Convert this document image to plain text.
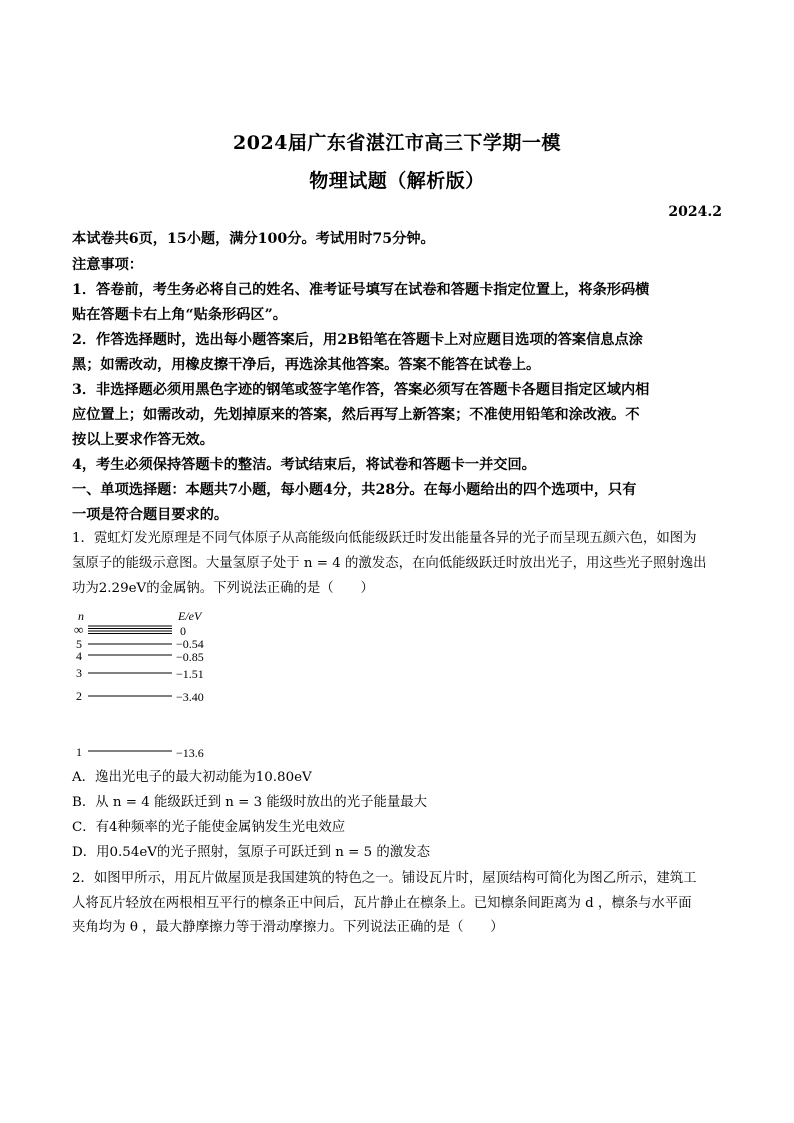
2024届广东省湛江市高三下学期一模
物理试题（解析版）
2024.2
本试卷共6页，15小题，满分100分。考试用时75分钟。
注意事项：
1．答卷前，考生务必将自己的姓名、准考证号填写在试卷和答题卡指定位置上，将条形码横
贴在答题卡右上角“贴条形码区”。
2．作答选择题时，选出每小题答案后，用2B铅笔在答题卡上对应题目选项的答案信息点涂
黑；如需改动，用橡皮擦干净后，再选涂其他答案。答案不能答在试卷上。
3．非选择题必须用黑色字迹的钢笔或签字笔作答，答案必须写在答题卡各题目指定区域内相
应位置上；如需改动，先划掉原来的答案，然后再写上新答案；不准使用铅笔和涂改液。不
按以上要求作答无效。
4，考生必须保持答题卡的整洁。考试结束后，将试卷和答题卡一并交回。
一、单项选择题：本题共7小题，每小题4分，共28分。在每小题给出的四个选项中，只有
一项是符合题目要求的。
1．霓虹灯发光原理是不同气体原子从高能级向低能级跃迁时发出能量各异的光子而呈现五颜六色，如图为
氢原子的能级示意图。大量氢原子处于 n = 4 的激发态，在向低能级跃迁时放出光子，用这些光子照射逸出
功为2.29eV的金属钠。下列说法正确的是（　　）
n	E/eV
∞	0
5	−0.54
4	−0.85
3	−1.51
2	−3.40
1	−13.6
A．逸出光电子的最大初动能为10.80eV
B．从 n = 4 能级跃迁到 n = 3 能级时放出的光子能量最大
C．有4种频率的光子能使金属钠发生光电效应
D．用0.54eV的光子照射，氢原子可跃迁到 n = 5 的激发态
2．如图甲所示，用瓦片做屋顶是我国建筑的特色之一。铺设瓦片时，屋顶结构可简化为图乙所示，建筑工
人将瓦片轻放在两根相互平行的檩条正中间后，瓦片静止在檩条上。已知檩条间距离为 d ，檩条与水平面
夹角均为 θ ，最大静摩擦力等于滑动摩擦力。下列说法正确的是（　　）
